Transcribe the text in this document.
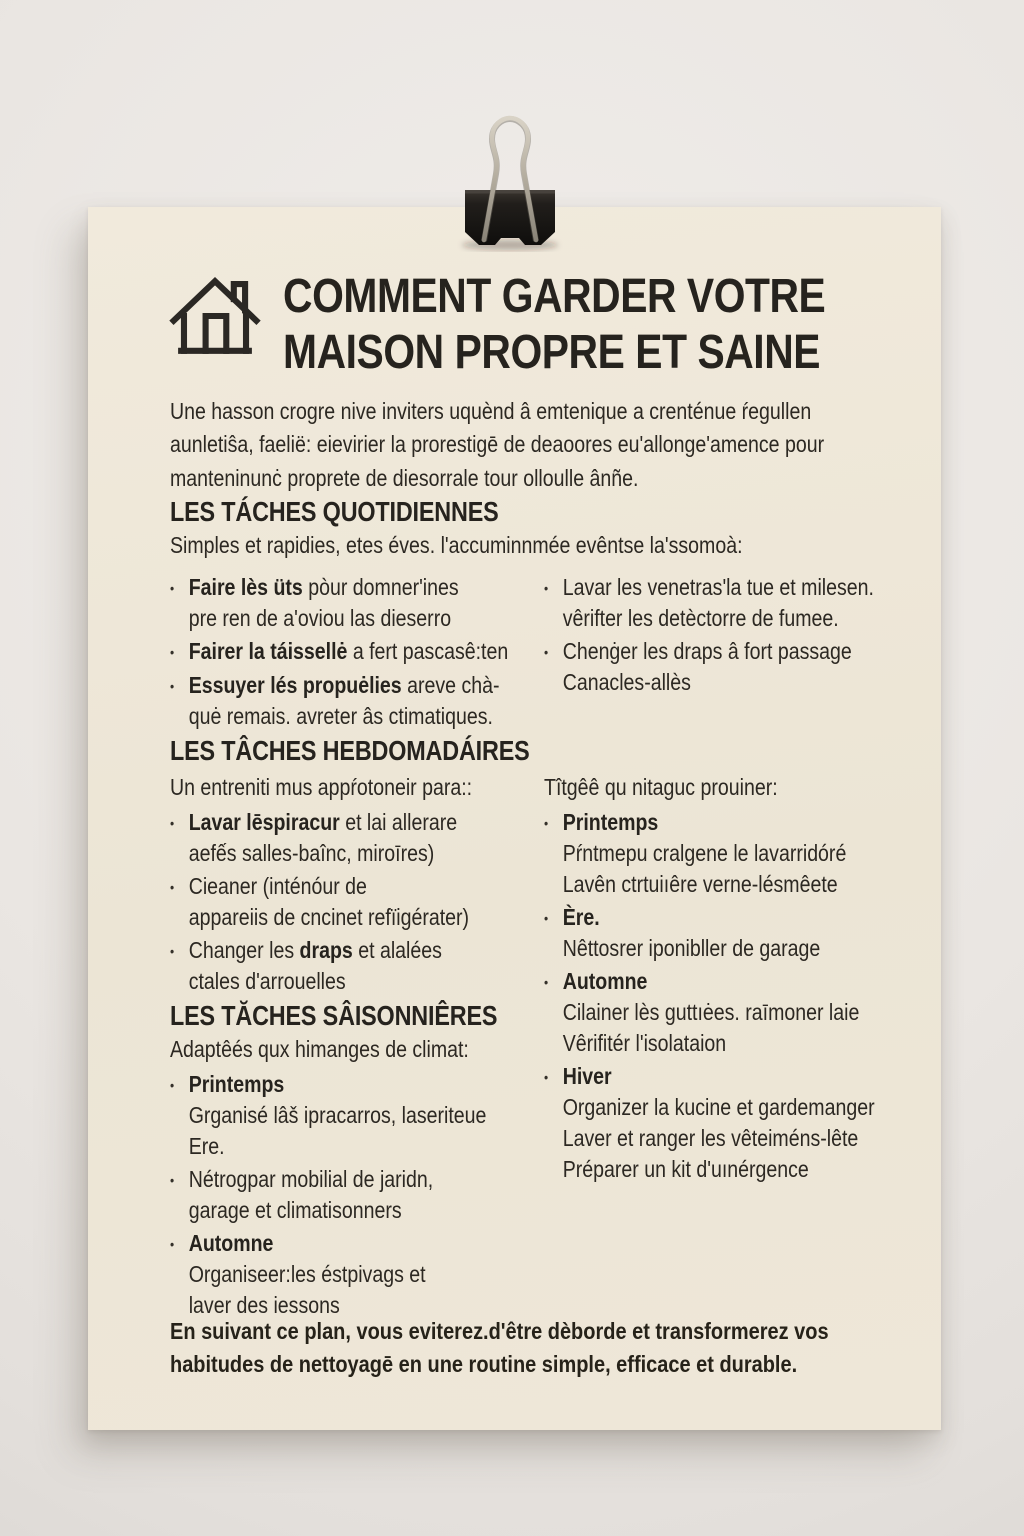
COMMENT GARDER VOTRE
MAISON PROPRE ET SAINE

Une hasson crogre nive inviters uquènd â emtenique a crenténue ŕegullen aunletiŝa, faelië: eievirier la prorestigē de deaoores eu'allonge'amence pour manteninunċ proprete de diesorrale tour olloulle ânñe.

LES TÁCHES QUOTIDIENNES
Simples et rapidies, etes éves. l'accuminnmée evêntse la'ssomoà:
• Faire lès üts pòur domner'ines
pre ren de a'oviou las dieserro
• Fairer la táissellė a fert pascasê:ten
• Essuyer lés propuėlies areve chà-
quė remais. avreter âs ctimatiques.
• Lavar les venetras'la tue et milesen.
vêrifter les detèctorre de fumee.
• Chenġer les draps â fort passage
Canacles-allès
LES TÂCHES HEBDOMADÁIRES
Un entreniti mus appŕotoneir para::
• Lavar lēspiracur et lai allerare
aefếs salles-baînc, miroīres)
• Cieaner (inténóur de
appareiis de cncinet refïigérater)
• Changer les draps et alalées
ctales d'arrouelles
LES TĂCHES SÂISONNIÊRES
Adaptêés qux himanges de climat:
• Printemps
Grganisé lâš ipracarros, laseriteue
Ere.
• Nétrogpar mobilial de jaridn,
garage et climatisonners
• Automne
Organiseer:les éstpivags et
laver des iessons
Tîtgêê qu nitaguc prouiner:
• Printemps
Pŕntmepu cralgene le lavarridóré
Lavên ctrtuiıêre verne-lésmêete
• Ère.
Nêttosrer iponibller de garage
• Automne
Cilainer lès guttıėes. raīmoner laie
Vêrifitér l'isolataion
• Hiver
Organizer la kucine et gardemanger
Laver et ranger les vêteiméns-lête
Préparer un kit d'uınérgence

En suivant ce plan, vous eviterez.d'être dèborde et transformerez vos
habitudes de nettoyagē en une routine simple, efficace et durable.
